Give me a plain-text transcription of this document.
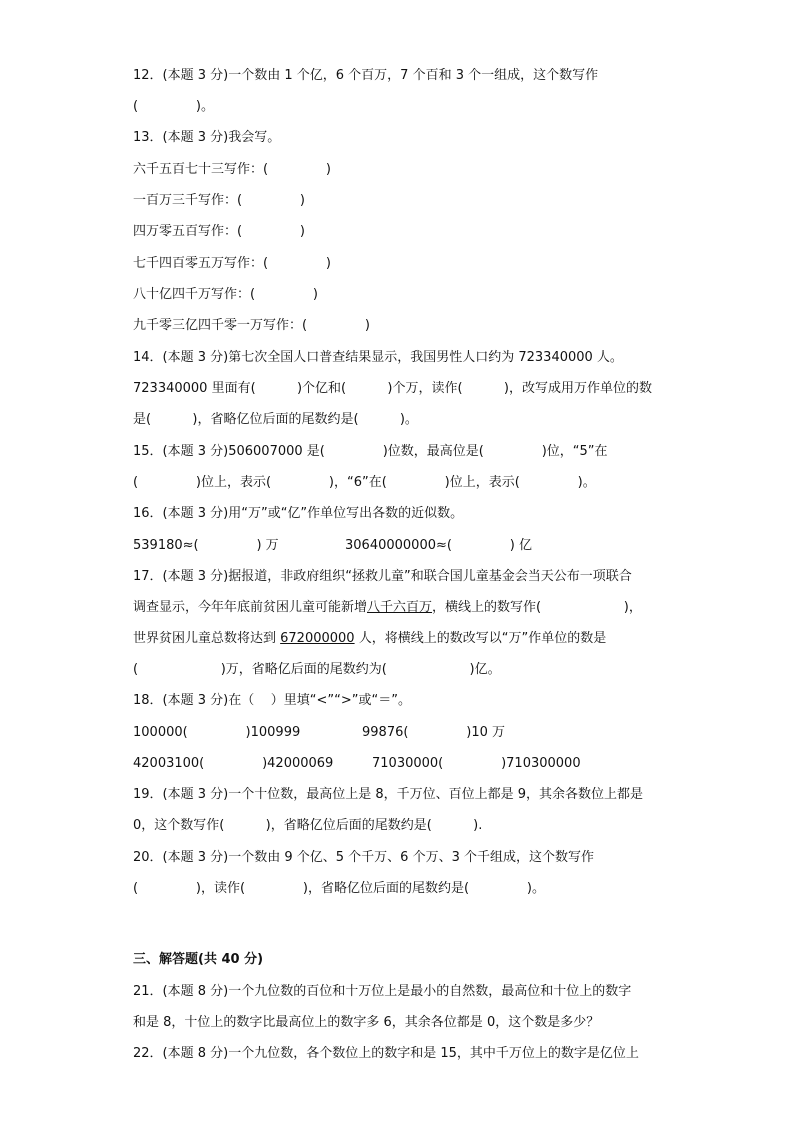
12．(本题 3 分)一个数由 1 个亿，6 个百万，7 个百和 3 个一组成，这个数写作

(              )。

13．(本题 3 分)我会写。

六千五百七十三写作：(              )

一百万三千写作：(              )

四万零五百写作：(              )

七千四百零五万写作：(              )

八十亿四千万写作：(              )

九千零三亿四千零一万写作：(              )

14．(本题 3 分)第七次全国人口普查结果显示，我国男性人口约为 723340000 人。

723340000 里面有(          )个亿和(          )个万，读作(          )，改写成用万作单位的数

是(          )，省略亿位后面的尾数约是(          )。

15．(本题 3 分)506007000 是(              )位数，最高位是(              )位，“5”在

(              )位上，表示(              )，“6”在(              )位上，表示(              )。

16．(本题 3 分)用“万”或“亿”作单位写出各数的近似数。

539180≈(              ) 万	30640000000≈(              ) 亿

17．(本题 3 分)据报道，非政府组织“拯救儿童”和联合国儿童基金会当天公布一项联合

调查显示，今年年底前贫困儿童可能新增八千六百万，横线上的数写作(                    )，

世界贫困儿童总数将达到 672000000 人，将横线上的数改写以“万”作单位的数是

(                    )万，省略亿后面的尾数约为(                    )亿。

18．(本题 3 分)在（    ）里填“<”“>”或“＝”。

100000(              )100999	99876(              )10 万

42003100(              )42000069	71030000(              )710300000

19．(本题 3 分)一个十位数，最高位上是 8，千万位、百位上都是 9，其余各数位上都是

0，这个数写作(          )，省略亿位后面的尾数约是(          ).

20．(本题 3 分)一个数由 9 个亿、5 个千万、6 个万、3 个千组成，这个数写作

(              )，读作(              )，省略亿位后面的尾数约是(              )。

三、解答题(共 40 分)

21．(本题 8 分)一个九位数的百位和十万位上是最小的自然数，最高位和十位上的数字

和是 8，十位上的数字比最高位上的数字多 6，其余各位都是 0，这个数是多少？

22．(本题 8 分)一个九位数，各个数位上的数字和是 15，其中千万位上的数字是亿位上
